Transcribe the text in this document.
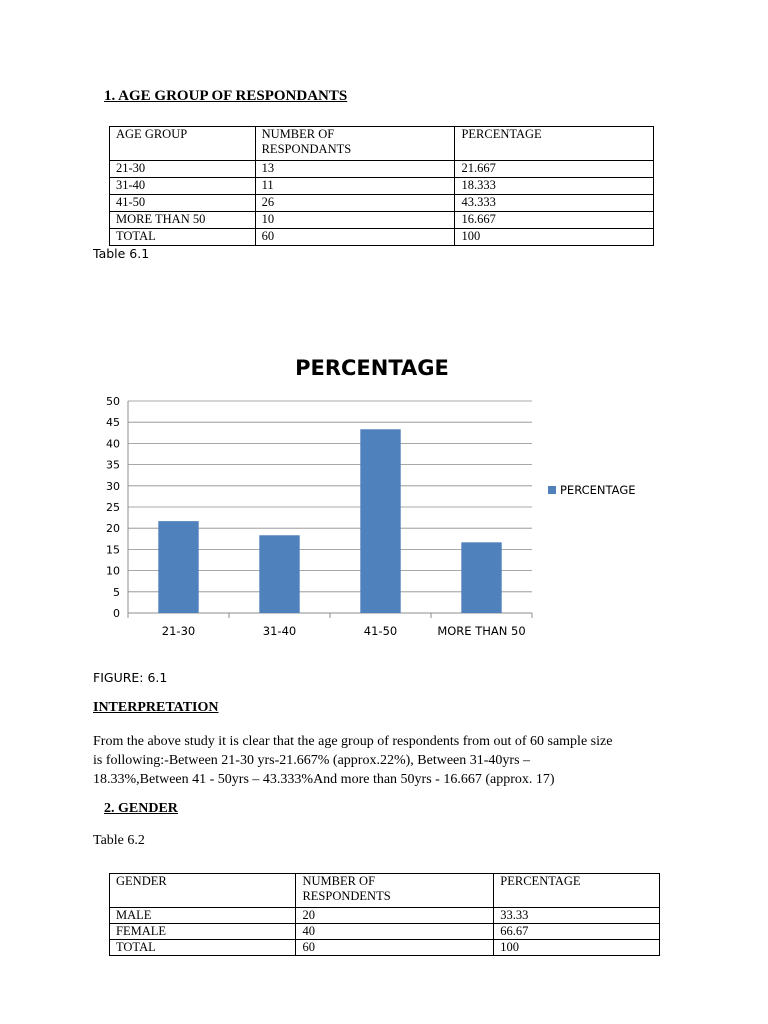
1. AGE GROUP OF RESPONDANTS
AGE GROUP	NUMBER OF RESPONDANTS	PERCENTAGE
21-30	13	21.667
31-40	11	18.333
41-50	26	43.333
MORE THAN 50	10	16.667
TOTAL	60	100
Table 6.1
PERCENTAGE
0
5
10
15
20
25
30
35
40
45
50
21-30	31-40	41-50	MORE THAN 50
PERCENTAGE
FIGURE: 6.1
INTERPRETATION
From the above study it is clear that the age group of respondents from out of 60 sample size
is following:-Between 21-30 yrs-21.667% (approx.22%), Between 31-40yrs –
18.33%,Between 41 - 50yrs – 43.333%And more than 50yrs - 16.667 (approx. 17)
2. GENDER
Table 6.2
GENDER	NUMBER OF RESPONDENTS	PERCENTAGE
MALE	20	33.33
FEMALE	40	66.67
TOTAL	60	100
